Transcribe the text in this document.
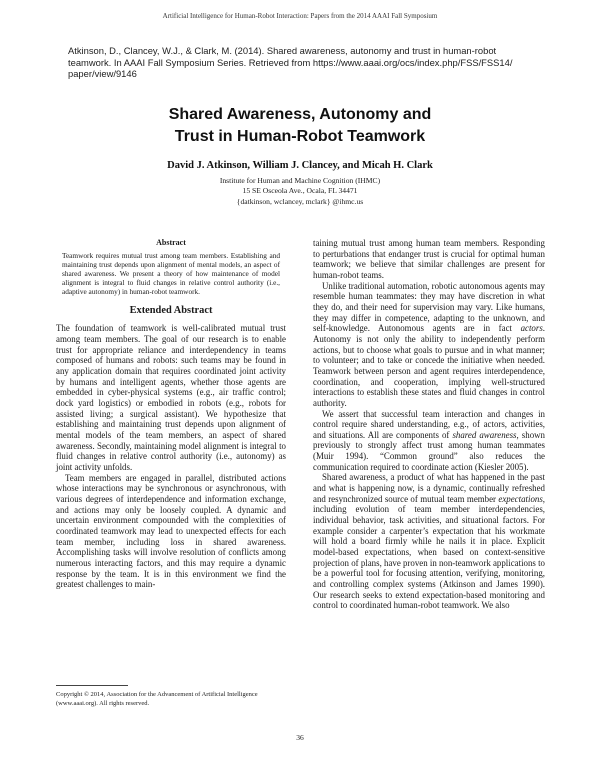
Artificial Intelligence for Human-Robot Interaction: Papers from the 2014 AAAI Fall Symposium
Atkinson, D., Clancey, W.J., & Clark, M. (2014). Shared awareness, autonomy and trust in human-robot teamwork. In AAAI Fall Symposium Series. Retrieved from https://www.aaai.org/ocs/index.php/FSS/FSS14/ paper/view/9146
Shared Awareness, Autonomy and
Trust in Human-Robot Teamwork
David J. Atkinson, William J. Clancey, and Micah H. Clark
Institute for Human and Machine Cognition (IHMC)
15 SE Osceola Ave., Ocala, FL 34471
{datkinson, wclancey, mclark} @ihmc.us
Abstract
Teamwork requires mutual trust among team members. Establishing and maintaining trust depends upon alignment of mental models, an aspect of shared awareness. We present a theory of how maintenance of model alignment is integral to fluid changes in relative control authority (i.e., adaptive autonomy) in human-robot teamwork.
Extended Abstract

The foundation of teamwork is well-calibrated mutual trust among team members. The goal of our research is to enable trust for appropriate reliance and interdependency in teams composed of humans and robots: such teams may be found in any application domain that requires coordinated joint activity by humans and intelligent agents, whether those agents are embedded in cyber-physical systems (e.g., air traffic control; dock yard logistics) or embodied in robots (e.g., robots for assisted living; a surgical assistant). We hypothesize that establishing and maintaining trust depends upon alignment of mental models of the team members, an aspect of shared awareness. Secondly, maintaining model alignment is integral to fluid changes in relative control authority (i.e., autonomy) as joint activity unfolds.

Team members are engaged in parallel, distributed actions whose interactions may be synchronous or asynchronous, with various degrees of interdependence and information exchange, and actions may only be loosely coupled. A dynamic and uncertain environment compounded with the complexities of coordinated teamwork may lead to unexpected effects for each team member, including loss in shared awareness. Accomplishing tasks will involve resolution of conflicts among numerous interacting factors, and this may require a dynamic response by the team. It is in this environment we find the greatest challenges to main-

taining mutual trust among human team members. Responding to perturbations that endanger trust is crucial for optimal human teamwork; we believe that similar challenges are present for human-robot teams.

Unlike traditional automation, robotic autonomous agents may resemble human teammates: they may have discretion in what they do, and their need for supervision may vary. Like humans, they may differ in competence, adapting to the unknown, and self-knowledge. Autonomous agents are in fact actors. Autonomy is not only the ability to independently perform actions, but to choose what goals to pursue and in what manner; to volunteer; and to take or concede the initiative when needed. Teamwork between person and agent requires interdependence, coordination, and cooperation, implying well-structured interactions to establish these states and fluid changes in control authority.

We assert that successful team interaction and changes in control require shared understanding, e.g., of actors, activities, and situations. All are components of shared awareness, shown previously to strongly affect trust among human teammates (Muir 1994). “Common ground” also reduces the communication required to coordinate action (Kiesler 2005).

Shared awareness, a product of what has happened in the past and what is happening now, is a dynamic, continually refreshed and resynchronized source of mutual team member expectations, including evolution of team member interdependencies, individual behavior, task activities, and situational factors. For example consider a carpenter’s expectation that his workmate will hold a board firmly while he nails it in place. Explicit model-based expectations, when based on context-sensitive projection of plans, have proven in non-teamwork applications to be a powerful tool for focusing attention, verifying, monitoring, and controlling complex systems (Atkinson and James 1990). Our research seeks to extend expectation-based monitoring and control to coordinated human-robot teamwork. We also

Copyright © 2014, Association for the Advancement of Artificial Intelligence (www.aaai.org). All rights reserved.
36
